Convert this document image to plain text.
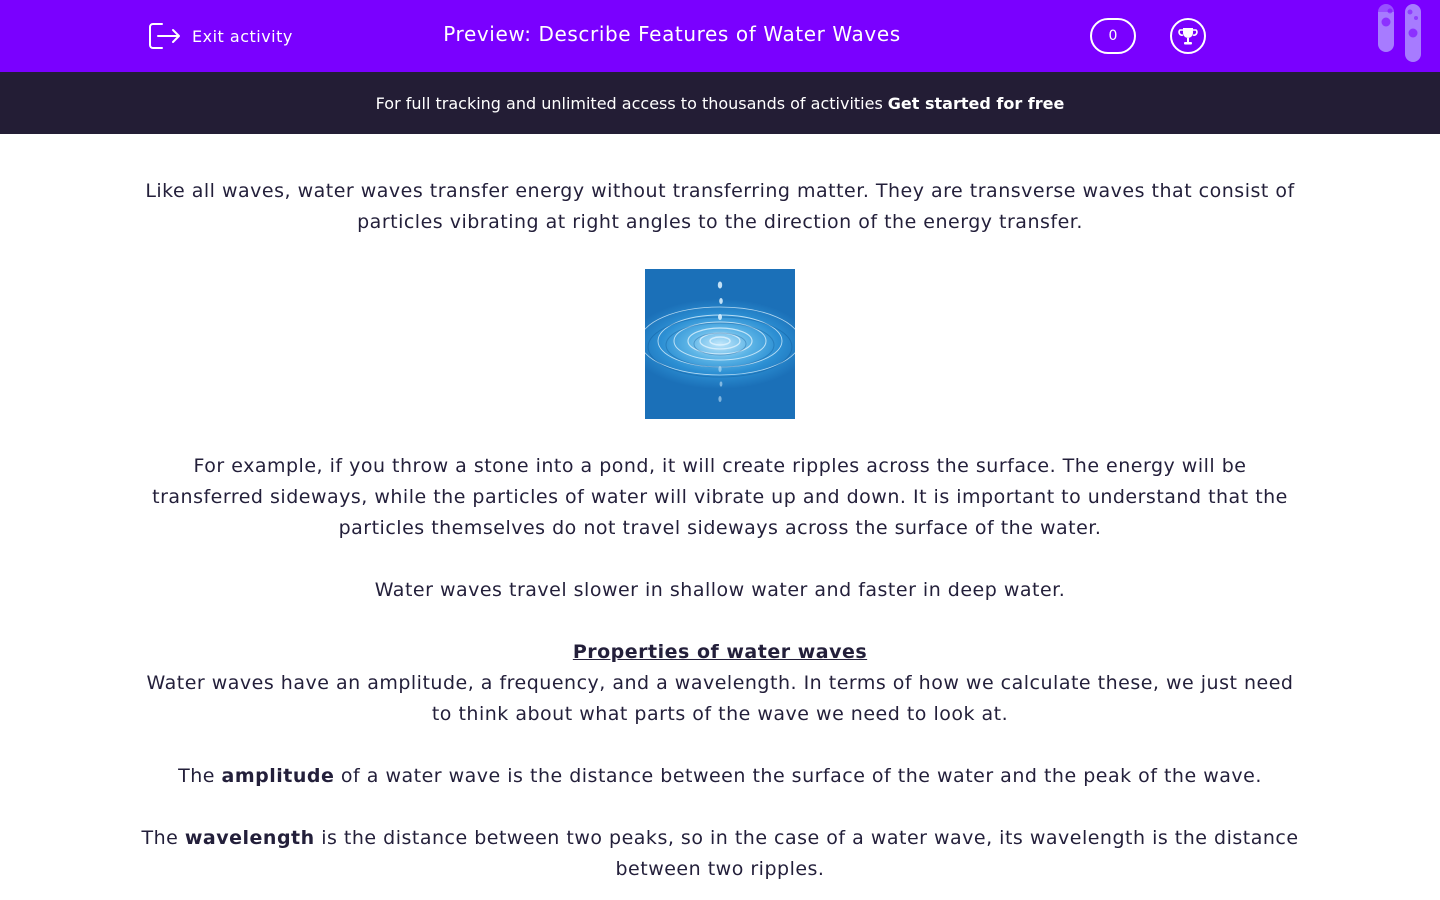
Exit activity	Preview: Describe Features of Water Waves	0
For full tracking and unlimited access to thousands of activities Get started for free

Like all waves, water waves transfer energy without transferring matter. They are transverse waves that consist of particles vibrating at right angles to the direction of the energy transfer.

For example, if you throw a stone into a pond, it will create ripples across the surface. The energy will be transferred sideways, while the particles of water will vibrate up and down. It is important to understand that the particles themselves do not travel sideways across the surface of the water.

Water waves travel slower in shallow water and faster in deep water.

Properties of water waves

Water waves have an amplitude, a frequency, and a wavelength. In terms of how we calculate these, we just need to think about what parts of the wave we need to look at.

The amplitude of a water wave is the distance between the surface of the water and the peak of the wave.

The wavelength is the distance between two peaks, so in the case of a water wave, its wavelength is the distance between two ripples.
